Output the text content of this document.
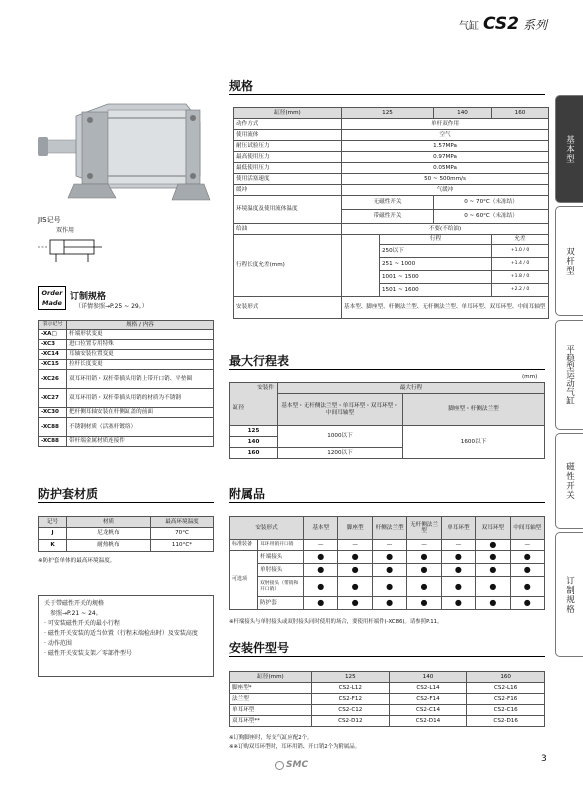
气缸 CS2 系列
基本型
双杆型
平稳型运动气缸
磁性开关
订制规格
JIS记号
双作用
Order
Made
订制规格
（详情参照→P.25 ~ 29。）
表示记号	规格 / 内容
-XA□	杆端形状变更
-XC3	进口位置专用特殊
-XC14	耳轴安装位置变更
-XC15	拉杆长度变更
-XC26	双耳环用销・双杆带插头用销上带开口销、平垫圈
-XC27	双耳环用销・双杆带插头用销的材质为不锈钢
-XC30	把杆侧耳轴安装在杆侧缸盖的前面
-XC88	不锈钢材质（活塞杆镀络）
-XC88	带杆端金属材质连接件
防护套材质
记号	材质	最高环境温度
J	尼龙帆布	70°C
K	耐热帆布	110°C*
※防护套单体的最高环境温度。
关于带磁性开关的规格
参照→P.21 ~ 24。
· 可安装磁性开关的最小行程
· 磁性开关安装的适当位置（行程末端检出时）及安装高度
· 动作范围
· 磁性开关安装支架／零部件型号
规格
缸径(mm)	125		140	160
动作方式	单杆双作用			
使用流体	空气			
耐压试验压力	1.57MPa			
最高使用压力	0.97MPa			
最低使用压力	0.05MPa			
使用活塞速度	50 ~ 500mm/s			
缓冲	气缓冲			
环境温度及使用流体温度	无磁性开关		0 ~ 70°C（未冻结）	
	带磁性开关		0 ~ 60°C（未冻结）	
给油	不要(不给油)			
行程长度允差(mm)		行程		允差
		250以下		+1.0 / 0
		251 ~ 1000		+1.4 / 0
		1001 ~ 1500		+1.8 / 0
		1501 ~ 1600		+2.2 / 0
安装形式	基本型、脚座型、杆侧法兰型、无杆侧法兰型、单耳环型、双耳环型、中间耳轴型			
最大行程表
(mm)
安装件
缸径	最大行程	
	基本型・无杆侧法兰型・单耳环型・双耳环型・中间耳轴型	脚座型・杆侧法兰型
125	1000以下	1600以下
140		
160	1200以下	
附属品
安装形式		基本型	脚座型	杆侧法兰型	无杆侧法兰型	单耳环型	双耳环型	中间耳轴型
标准装备	耳环用销开口销	—	—	—	—	—	●	—
可选项	杆端接头	●	●	●	●	●	●	●
	单肘接头	●	●	●	●	●	●	●
	双肘接头（带销和开口销）	●	●	●	●	●	●	●
	防护套	●	●	●	●	●	●	●
※杆端接头与单肘接头或双肘接头同时使用的场合，要使用杆端件(-XC86)。请参照P.11。
安装件型号
缸径(mm)	125	140	160
脚座型*	CS2-L12	CS2-L14	CS2-L16
法兰型	CS2-F12	CS2-F14	CS2-F16
单耳环型	CS2-C12	CS2-C14	CS2-C16
双耳环型**	CS2-D12	CS2-D14	CS2-D16
※订购脚座时，每支气缸应配2个。
※※订购双耳环型时，耳环用销、开口销2个为附属品。
SMC
3
